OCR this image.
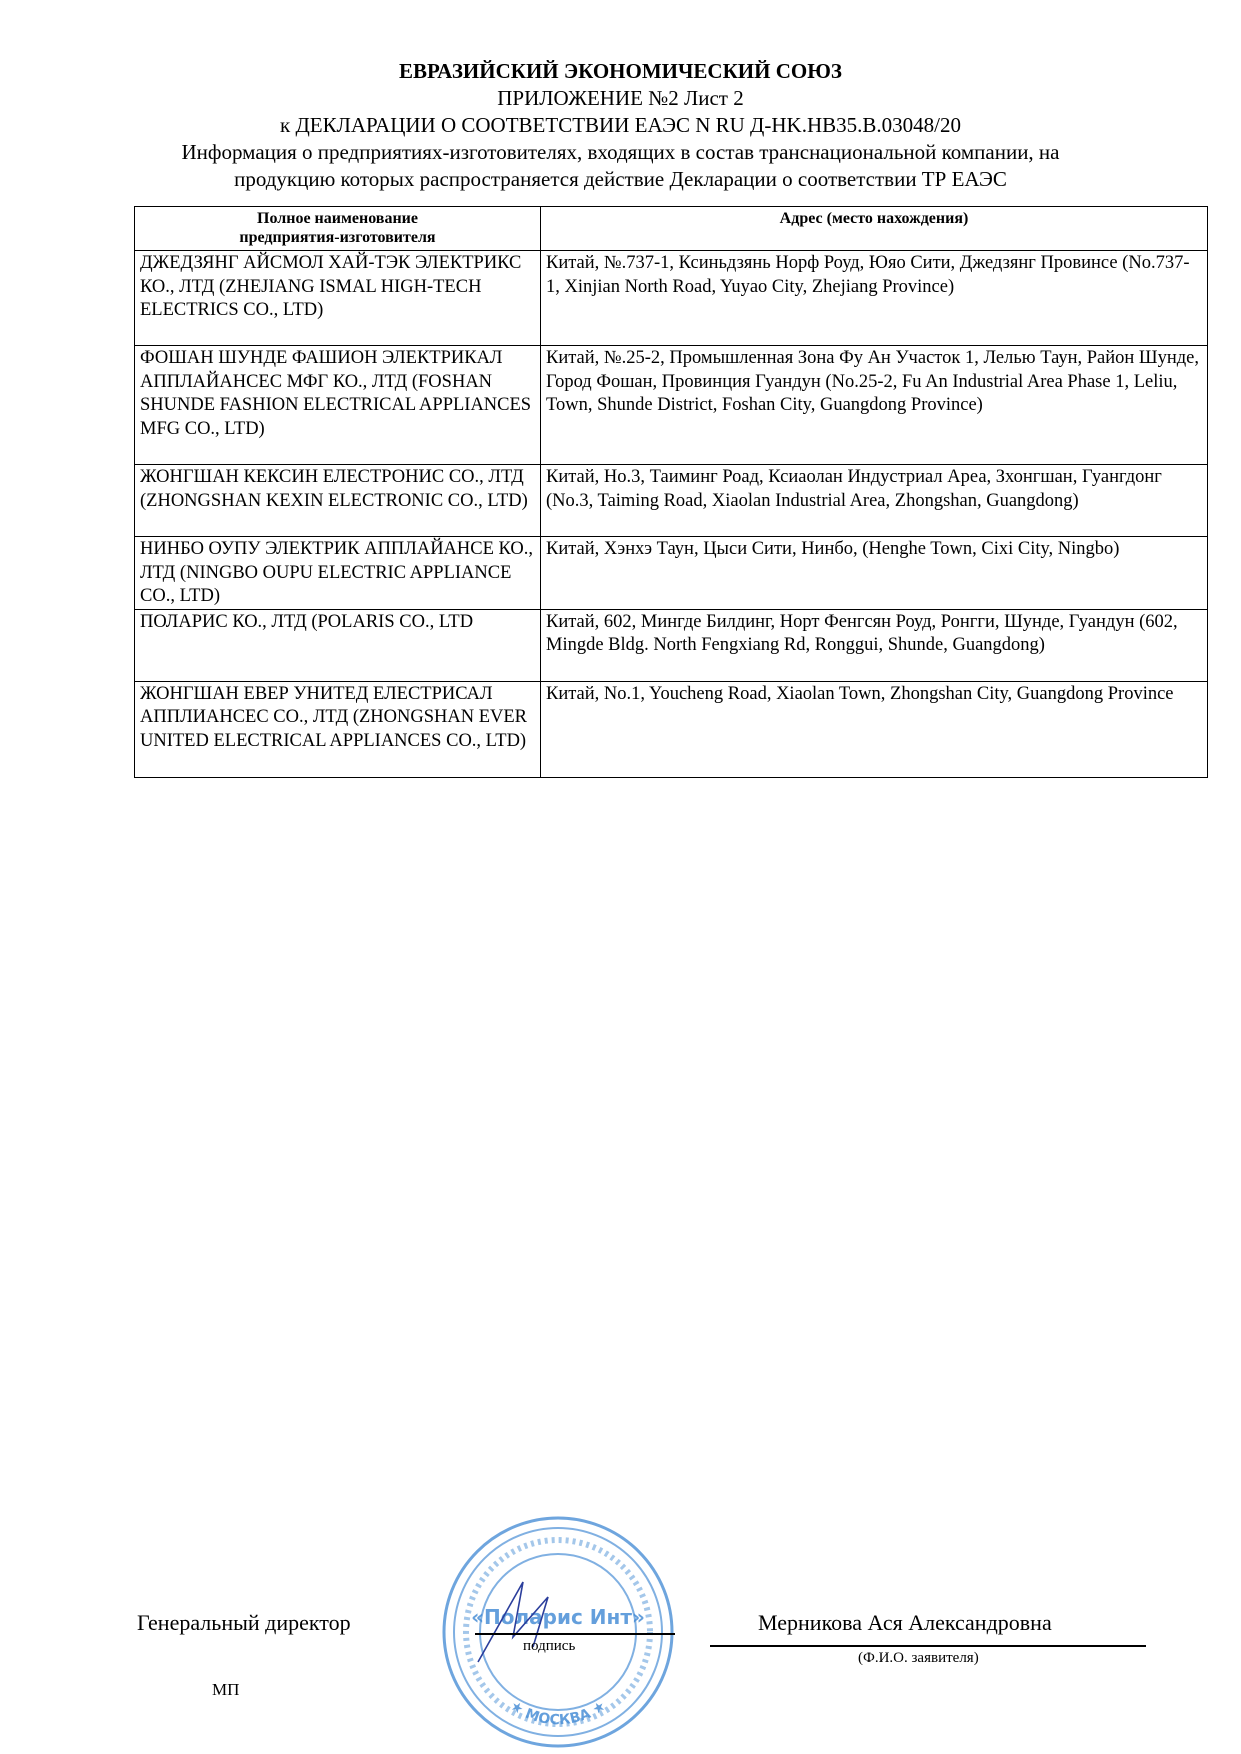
ЕВРАЗИЙСКИЙ ЭКОНОМИЧЕСКИЙ СОЮЗ
ПРИЛОЖЕНИЕ №2 Лист 2
к ДЕКЛАРАЦИИ О СООТВЕТСТВИИ ЕАЭС N RU Д-HK.НВ35.В.03048/20
Информация о предприятиях-изготовителях, входящих в состав транснациональной компании, на
продукцию которых распространяется действие Декларации о соответствии ТР ЕАЭС
Полное наименование предприятия-изготовителя	Адрес (место нахождения)
ДЖЕДЗЯНГ АЙСМОЛ ХАЙ-ТЭК ЭЛЕКТРИКС КО., ЛТД (ZHEJIANG ISMAL HIGH-TECH ELECTRICS CO., LTD)	Китай, №.737-1, Ксиньдзянь Норф Роуд, Юяо Сити, Джедзянг Провинсе (No.737-1, Xinjian North Road, Yuyao City, Zhejiang Province)
ФОШАН ШУНДЕ ФАШИОН ЭЛЕКТРИКАЛ АППЛАЙАНСЕС МФГ КО., ЛТД (FOSHAN SHUNDE FASHION ELECTRICAL APPLIANCES MFG CO., LTD)	Китай, №.25-2, Промышленная Зона Фу Ан Участок 1, Лелью Таун, Район Шунде, Город Фошан, Провинция Гуандун (No.25-2, Fu An Industrial Area Phase 1, Leliu, Town, Shunde District, Foshan City, Guangdong Province)
ЖОНГШАН КЕКСИН ЕЛЕСТРОНИС CO., ЛТД (ZHONGSHAN KEXIN ELECTRONIC CO., LTD)	Китай, Но.3, Таиминг Роад, Ксиаолан Индустриал Ареа, Зхонгшан, Гуангдонг (No.3, Taiming Road, Xiaolan Industrial Area, Zhongshan, Guangdong)
НИНБО ОУПУ ЭЛЕКТРИК АППЛАЙАНСЕ КО., ЛТД (NINGBO OUPU ELECTRIC APPLIANCE CO., LTD)	Китай, Хэнхэ Таун, Цыси Сити, Нинбо, (Henghe Town, Cixi City, Ningbo)
ПОЛАРИС КО., ЛТД (POLARIS CO., LTD	Китай, 602, Мингде Билдинг, Норт Фенгсян Роуд, Ронгги, Шунде, Гуандун (602, Mingde Bldg. North Fengxiang Rd, Ronggui, Shunde, Guangdong)
ЖОНГШАН ЕВЕР УНИТЕД ЕЛЕСТРИСАЛ АППЛИАНСЕС CO., ЛТД (ZHONGSHAN EVER UNITED ELECTRICAL APPLIANCES CO., LTD)	Китай, No.1, Youcheng Road, Xiaolan Town, Zhongshan City, Guangdong Province
Генеральный директор
МП
★ МОСКВА ★
«Поларис Инт»
подпись
Мерникова Ася Александровна
(Ф.И.О. заявителя)
